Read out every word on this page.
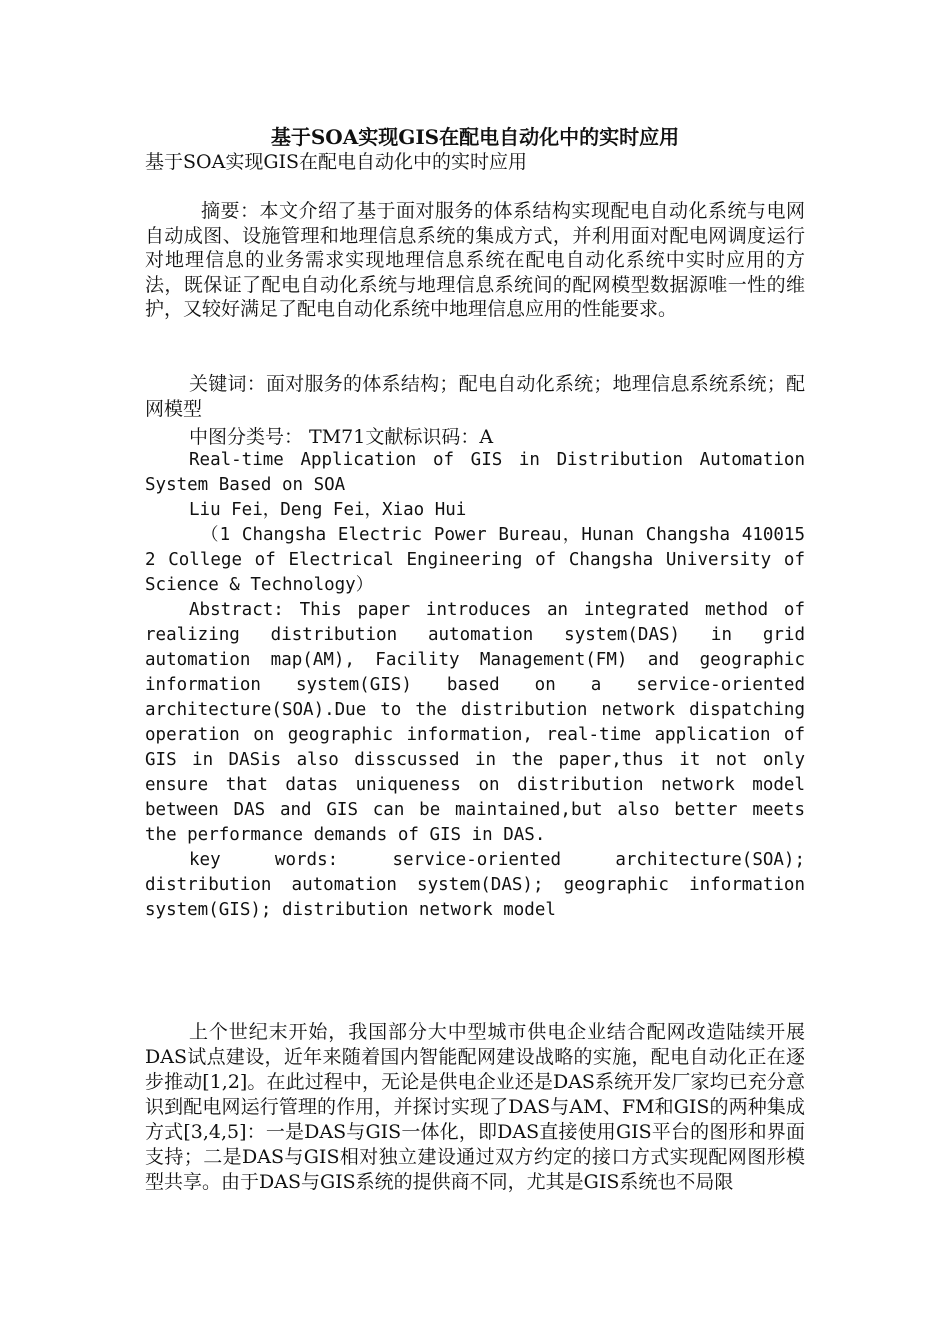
基于SOA实现GIS在配电自动化中的实时应用
基于SOA实现GIS在配电自动化中的实时应用

摘要：本文介绍了基于面对服务的体系结构实现配电自动化系统与电网自动成图、设施管理和地理信息系统的集成方式，并利用面对配电网调度运行对地理信息的业务需求实现地理信息系统在配电自动化系统中实时应用的方法，既保证了配电自动化系统与地理信息系统间的配网模型数据源唯一性的维护，又较好满足了配电自动化系统中地理信息应用的性能要求。

关键词：面对服务的体系结构；配电自动化系统；地理信息系统系统；配网模型

中图分类号： TM71文献标识码：A

Real-time Application of GIS in Distribution Automation System Based on SOA

Liu Fei，Deng Fei，Xiao Hui

（1 Changsha Electric Power Bureau，Hunan Changsha 410015 2 College of Electrical Engineering of Changsha University of Science & Technology）

Abstract: This paper introduces an integrated method of realizing distribution automation system(DAS) in grid automation map(AM), Facility Management(FM) and geographic information system(GIS) based on a service-oriented architecture(SOA).Due to the distribution network dispatching operation on geographic information, real-time application of GIS in DASis also disscussed in the paper,thus it not only ensure that datas uniqueness on distribution network model between DAS and GIS can be maintained,but also better meets the performance demands of GIS in DAS.

key words: service-oriented architecture(SOA); distribution automation system(DAS); geographic information system(GIS); distribution network model

上个世纪末开始，我国部分大中型城市供电企业结合配网改造陆续开展DAS试点建设，近年来随着国内智能配网建设战略的实施，配电自动化正在逐步推动[1,2]。在此过程中，无论是供电企业还是DAS系统开发厂家均已充分意识到配电网运行管理的作用，并探讨实现了DAS与AM、FM和GIS的两种集成方式[3,4,5]：一是DAS与GIS一体化，即DAS直接使用GIS平台的图形和界面支持；二是DAS与GIS相对独立建设通过双方约定的接口方式实现配网图形模型共享。由于DAS与GIS系统的提供商不同，尤其是GIS系统也不局限
